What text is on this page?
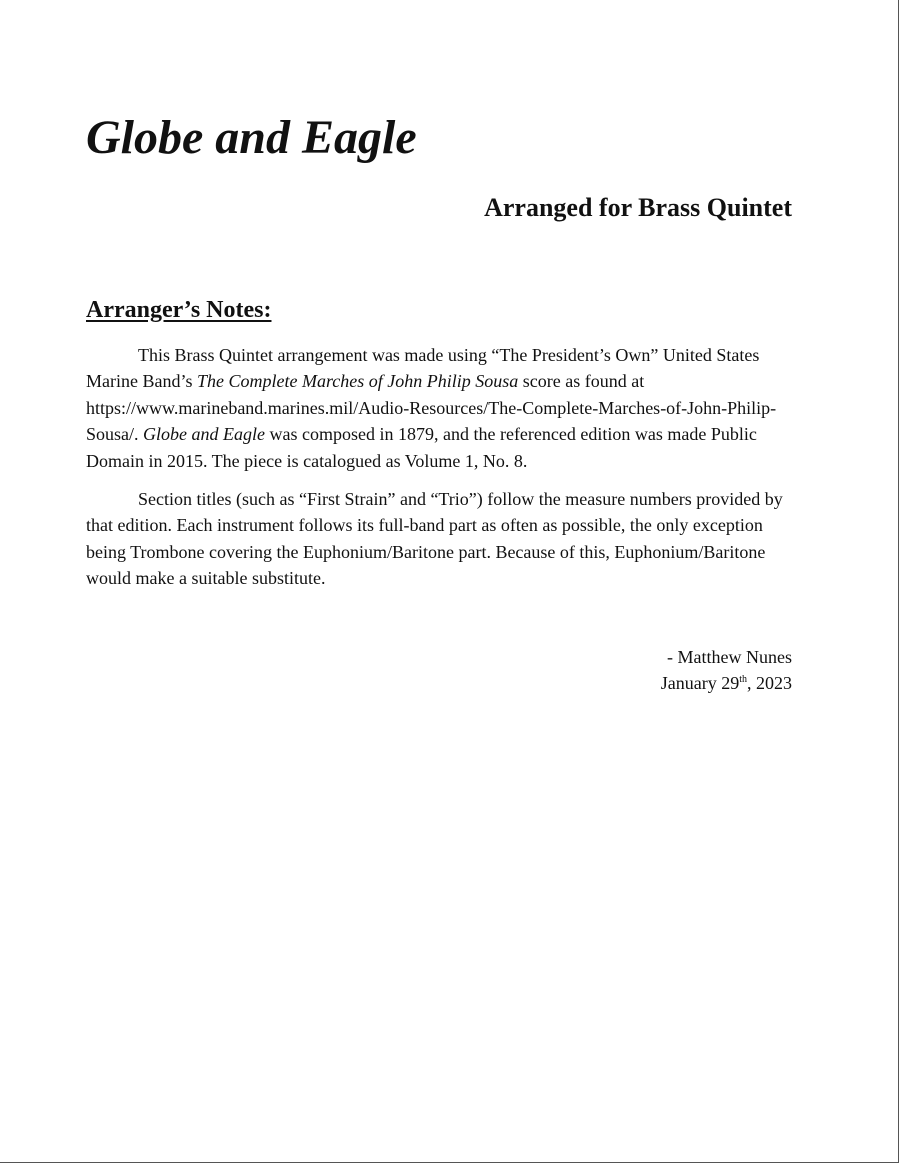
Globe and Eagle
Arranged for Brass Quintet
Arranger’s Notes:

This Brass Quintet arrangement was made using “The President’s Own” United States Marine Band’s The Complete Marches of John Philip Sousa score as found at https://www.marineband.marines.mil/Audio-Resources/The-Complete-Marches-of-John-Philip-Sousa/. Globe and Eagle was composed in 1879, and the referenced edition was made Public Domain in 2015. The piece is catalogued as Volume 1, No. 8.

Section titles (such as “First Strain” and “Trio”) follow the measure numbers provided by that edition. Each instrument follows its full-band part as often as possible, the only exception being Trombone covering the Euphonium/Baritone part. Because of this, Euphonium/Baritone would make a suitable substitute.

- Matthew Nunes
January 29th, 2023
